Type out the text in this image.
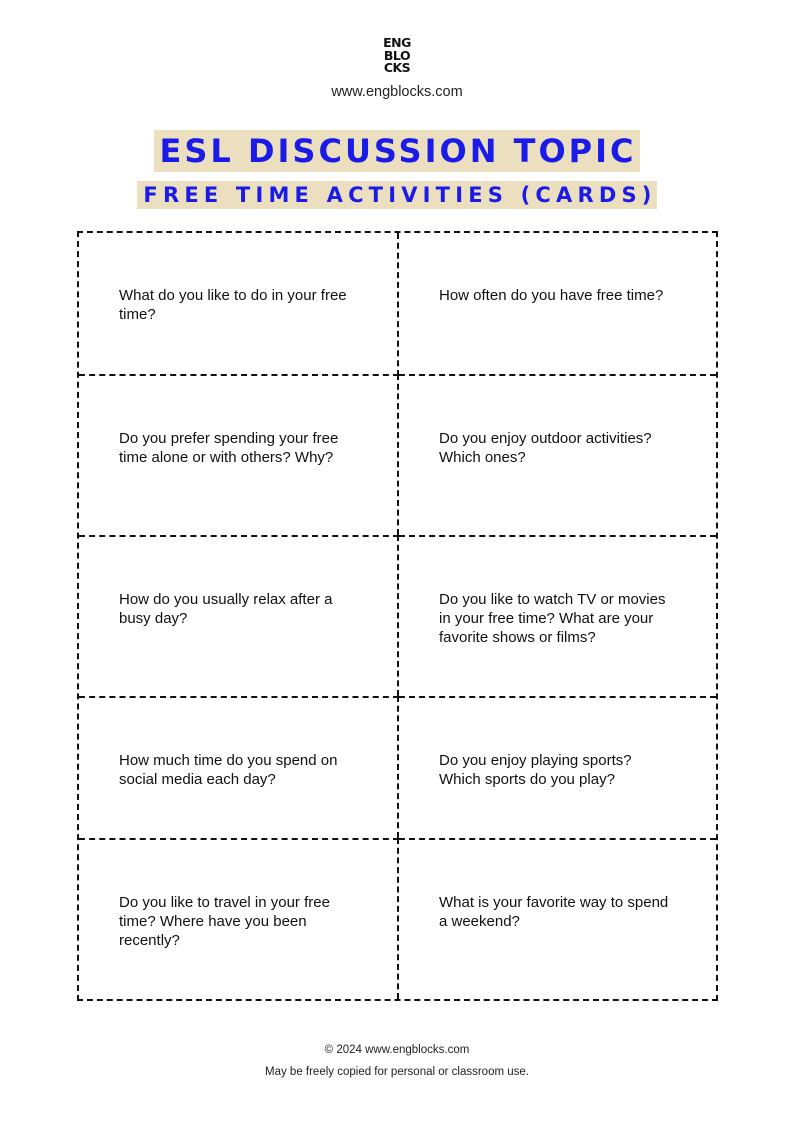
ENG
BLO
CKS
www.engblocks.com
ESL DISCUSSION TOPIC
FREE TIME ACTIVITIES (CARDS)
What do you like to do in your free time?
How often do you have free time?
Do you prefer spending your free time alone or with others? Why?
Do you enjoy outdoor activities? Which ones?
How do you usually relax after a busy day?
Do you like to watch TV or movies in your free time? What are your favorite shows or films?
How much time do you spend on social media each day?
Do you enjoy playing sports? Which sports do you play?
Do you like to travel in your free time? Where have you been recently?
What is your favorite way to spend a weekend?
© 2024 www.engblocks.com
May be freely copied for personal or classroom use.
